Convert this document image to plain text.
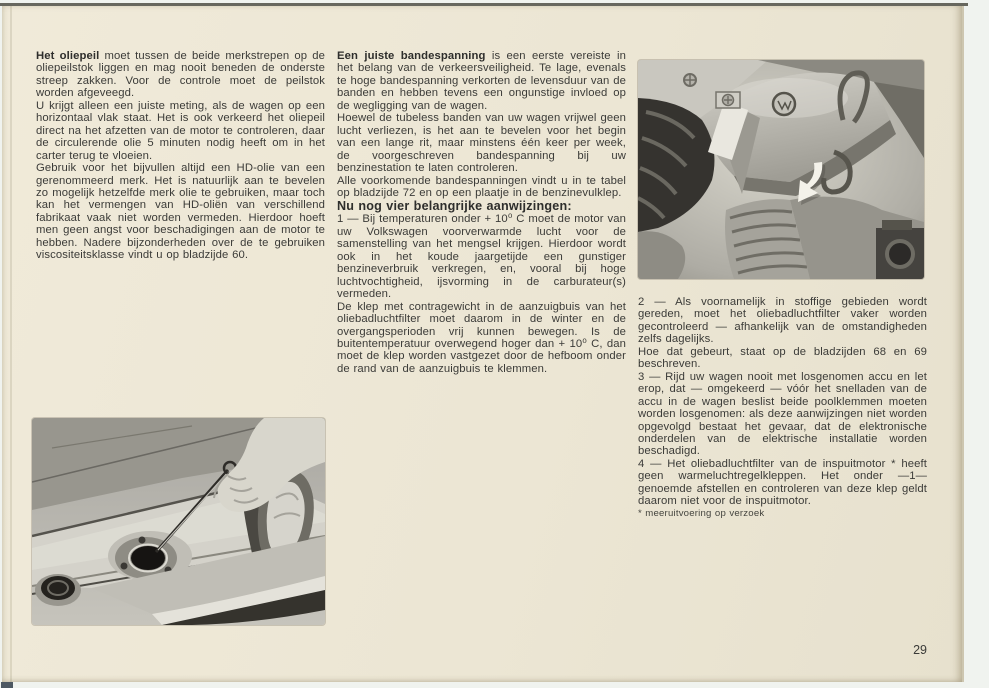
Het oliepeil moet tussen de beide merkstrepen op de oliepeilstok liggen en mag nooit beneden de onderste streep zakken. Voor de controle moet de peilstok worden afgeveegd.

U krijgt alleen een juiste meting, als de wagen op een horizontaal vlak staat. Het is ook verkeerd het oliepeil direct na het afzetten van de motor te controleren, daar de circulerende olie 5 minuten nodig heeft om in het carter terug te vloeien.

Gebruik voor het bijvullen altijd een HD-olie van een gerenommeerd merk. Het is natuurlijk aan te bevelen zo mogelijk hetzelfde merk olie te gebruiken, maar toch kan het vermengen van HD-oliën van verschillend fabrikaat vaak niet worden vermeden. Hierdoor hoeft men geen angst voor beschadigingen aan de motor te hebben. Nadere bijzonderheden over de te gebruiken viscositeitsklasse vindt u op bladzijde 60.

Een juiste bandespanning is een eerste vereiste in het belang van de verkeersveiligheid. Te lage, evenals te hoge bandespanning verkorten de levensduur van de banden en hebben tevens een ongunstige invloed op de wegligging van de wagen.

Hoewel de tubeless banden van uw wagen vrijwel geen lucht verliezen, is het aan te bevelen voor het begin van een lange rit, maar minstens één keer per week, de voorgeschreven bandespanning bij uw benzinestation te laten controleren.

Alle voorkomende bandespanningen vindt u in te tabel op bladzijde 72 en op een plaatje in de benzinevulklep.

Nu nog vier belangrijke aanwijzingen:

1 — Bij temperaturen onder + 10⁰ C moet de motor van uw Volkswagen voorverwarmde lucht voor de samenstelling van het mengsel krijgen. Hierdoor wordt ook in het koude jaargetijde een gunstiger benzineverbruik verkregen, en, vooral bij hoge luchtvochtigheid, ijsvorming in de carburateur(s) vermeden.

De klep met contragewicht in de aanzuigbuis van het oliebadluchtfilter moet daarom in de winter en de overgangsperioden vrij kunnen bewegen. Is de buitentemperatuur overwegend hoger dan + 10⁰ C, dan moet de klep worden vastgezet door de hefboom onder de rand van de aanzuigbuis te klemmen.

2 — Als voornamelijk in stoffige gebieden wordt gereden, moet het oliebadluchtfilter vaker worden gecontroleerd — afhankelijk van de omstandigheden zelfs dagelijks.

Hoe dat gebeurt, staat op de bladzijden 68 en 69 beschreven.

3 — Rijd uw wagen nooit met losgenomen accu en let erop, dat — omgekeerd — vóór het snelladen van de accu in de wagen beslist beide poolklemmen moeten worden losgenomen: als deze aanwijzingen niet worden opgevolgd bestaat het gevaar, dat de elektronische onderdelen van de elektrische installatie worden beschadigd.

4 — Het oliebadluchtfilter van de inspuitmotor * heeft geen warmeluchtregelkleppen. Het onder —1— genoemde afstellen en controleren van deze klep geldt daarom niet voor de inspuitmotor.

* meeruitvoering op verzoek

29
